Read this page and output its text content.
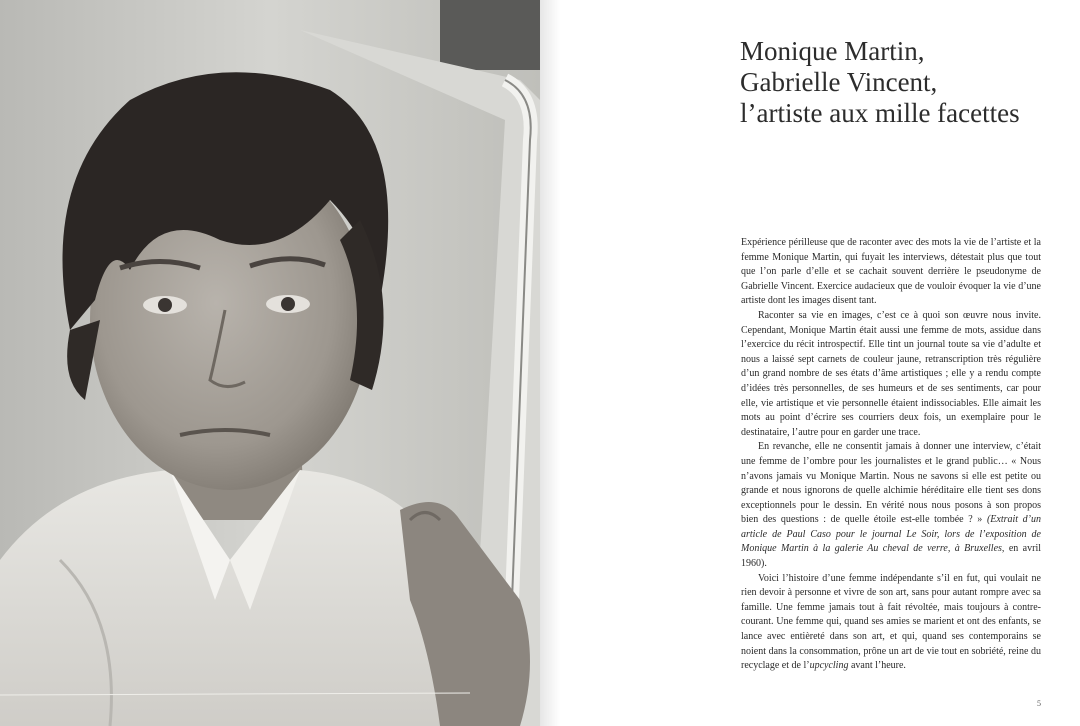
Monique Martin,
Gabrielle Vincent,
l’artiste aux mille facettes

Expérience périlleuse que de raconter avec des mots la vie de l’artiste et la femme Monique Martin, qui fuyait les interviews, détestait plus que tout que l’on parle d’elle et se cachait souvent derrière le pseudonyme de Gabrielle Vincent. Exercice audacieux que de vouloir évoquer la vie d’une artiste dont les images disent tant.

Raconter sa vie en images, c’est ce à quoi son œuvre nous invite. Cependant, Monique Martin était aussi une femme de mots, assidue dans l’exercice du récit introspectif. Elle tint un journal toute sa vie d’adulte et nous a laissé sept carnets de couleur jaune, retranscription très régulière d’un grand nombre de ses états d’âme artistiques ; elle y a rendu compte d’idées très personnelles, de ses humeurs et de ses sentiments, car pour elle, vie artistique et vie personnelle étaient indissociables. Elle aimait les mots au point d’écrire ses courriers deux fois, un exemplaire pour le destinataire, l’autre pour en garder une trace.

En revanche, elle ne consentit jamais à donner une interview, c’était une femme de l’ombre pour les journalistes et le grand public… « Nous n’avons jamais vu Monique Martin. Nous ne savons si elle est petite ou grande et nous ignorons de quelle alchimie héréditaire elle tient ses dons exceptionnels pour le dessin. En vérité nous nous posons à son propos bien des questions : de quelle étoile est-elle tombée ? » (Extrait d’un article de Paul Caso pour le journal Le Soir, lors de l’exposition de Monique Martin à la galerie Au cheval de verre, à Bruxelles, en avril 1960).

Voici l’histoire d’une femme indépendante s’il en fut, qui voulait ne rien devoir à personne et vivre de son art, sans pour autant rompre avec sa famille. Une femme jamais tout à fait révoltée, mais toujours à contre-courant. Une femme qui, quand ses amies se marient et ont des enfants, se lance avec entièreté dans son art, et qui, quand ses contemporains se noient dans la consommation, prône un art de vie tout en sobriété, reine du recyclage et de l’upcycling avant l’heure.

5
